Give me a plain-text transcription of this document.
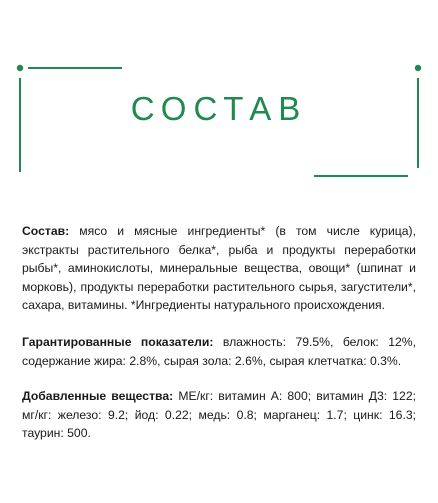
СОСТАВ
Состав: мясо и мясные ингредиенты* (в том числе курица), экстракты растительного белка*, рыба и продукты переработки рыбы*, аминокислоты, минеральные вещества, овощи* (шпинат и морковь), продукты переработки растительного сырья, загустители*, сахара, витамины. *Ингредиенты натурального происхождения.
Гарантированные показатели: влажность: 79.5%, белок: 12%, содержание жира: 2.8%, сырая зола: 2.6%, сырая клетчатка: 0.3%.
Добавленные вещества: МЕ/кг: витамин А: 800; витамин Д3: 122; мг/кг: железо: 9.2; йод: 0.22; медь: 0.8; марганец: 1.7; цинк: 16.3; таурин: 500.
